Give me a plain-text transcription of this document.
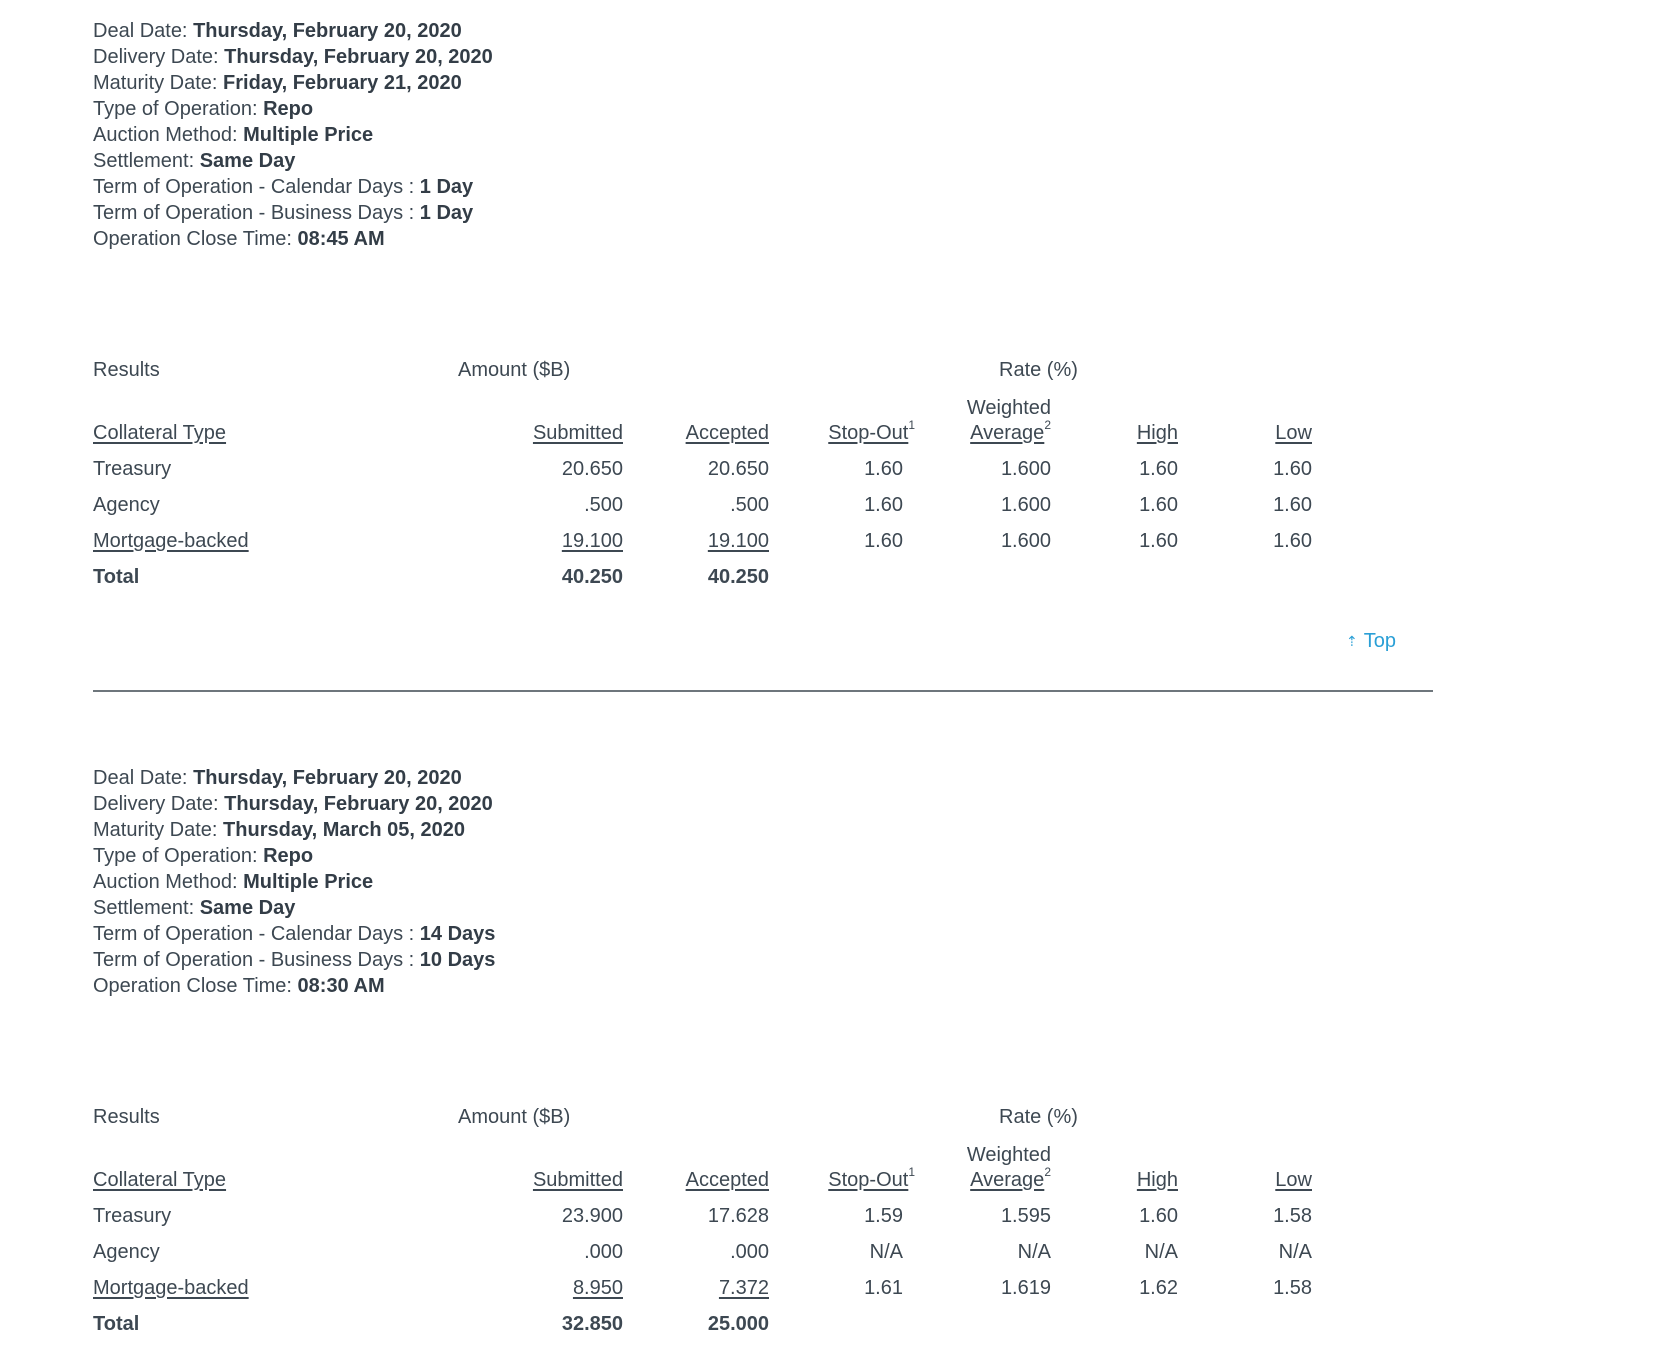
Deal Date: Thursday, February 20, 2020
Delivery Date: Thursday, February 20, 2020
Maturity Date: Friday, February 21, 2020
Type of Operation: Repo
Auction Method: Multiple Price
Settlement: Same Day
Term of Operation - Calendar Days : 1 Day
Term of Operation - Business Days : 1 Day
Operation Close Time: 08:45 AM
Results	Amount ($B)	Rate (%)
Weighted
Collateral Type	Submitted	Accepted	Stop-Out$^1$	Average$^2$	High	Low
Treasury	20.650	20.650	1.60	1.600	1.60	1.60
Agency	.500	.500	1.60	1.600	1.60	1.60
Mortgage-backed	19.100	19.100	1.60	1.600	1.60	1.60
Total	40.250	40.250
⇡ Top
Deal Date: Thursday, February 20, 2020
Delivery Date: Thursday, February 20, 2020
Maturity Date: Thursday, March 05, 2020
Type of Operation: Repo
Auction Method: Multiple Price
Settlement: Same Day
Term of Operation - Calendar Days : 14 Days
Term of Operation - Business Days : 10 Days
Operation Close Time: 08:30 AM
Results	Amount ($B)	Rate (%)
Weighted
Collateral Type	Submitted	Accepted	Stop-Out$^1$	Average$^2$	High	Low
Treasury	23.900	17.628	1.59	1.595	1.60	1.58
Agency	.000	.000	N/A	N/A	N/A	N/A
Mortgage-backed	8.950	7.372	1.61	1.619	1.62	1.58
Total	32.850	25.000
